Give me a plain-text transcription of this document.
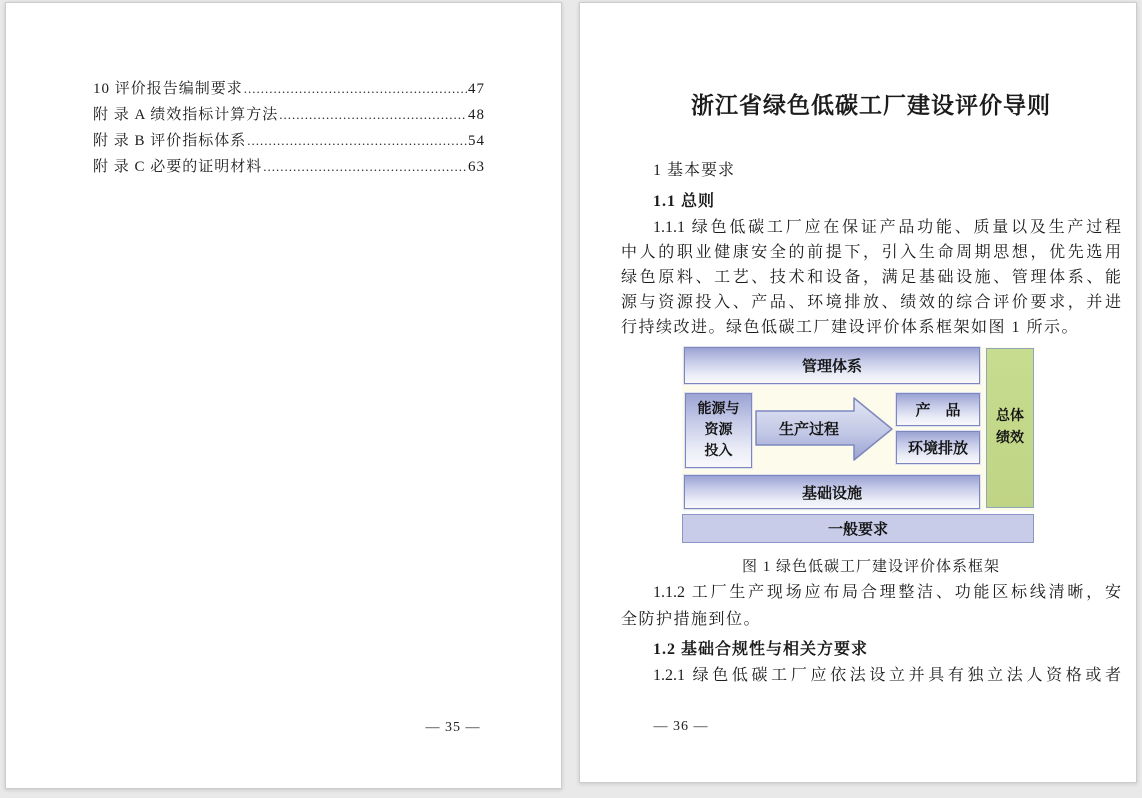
10 评价报告编制要求 .....	47
附 录 A 绩效指标计算方法 .....	48
附 录 B 评价指标体系 .....	54
附 录 C 必要的证明材料 .....	63
— 35 —
浙江省绿色低碳工厂建设评价导则
1 基本要求
1.1 总则
1.1.1 绿色低碳工厂应在保证产品功能、质量以及生产过程
中人的职业健康安全的前提下，引入生命周期思想，优先选用
绿色原料、工艺、技术和设备，满足基础设施、管理体系、能
源与资源投入、产品、环境排放、绩效的综合评价要求，并进
行持续改进。绿色低碳工厂建设评价体系框架如图 1 所示。
管理体系
能源与
资源
投入
生产过程
产　品
环境排放
基础设施
总体
绩效
一般要求
图 1 绿色低碳工厂建设评价体系框架
1.1.2 工厂生产现场应布局合理整洁、功能区标线清晰，安
全防护措施到位。
1.2 基础合规性与相关方要求
1.2.1 绿色低碳工厂应依法设立并具有独立法人资格或者
— 36 —
